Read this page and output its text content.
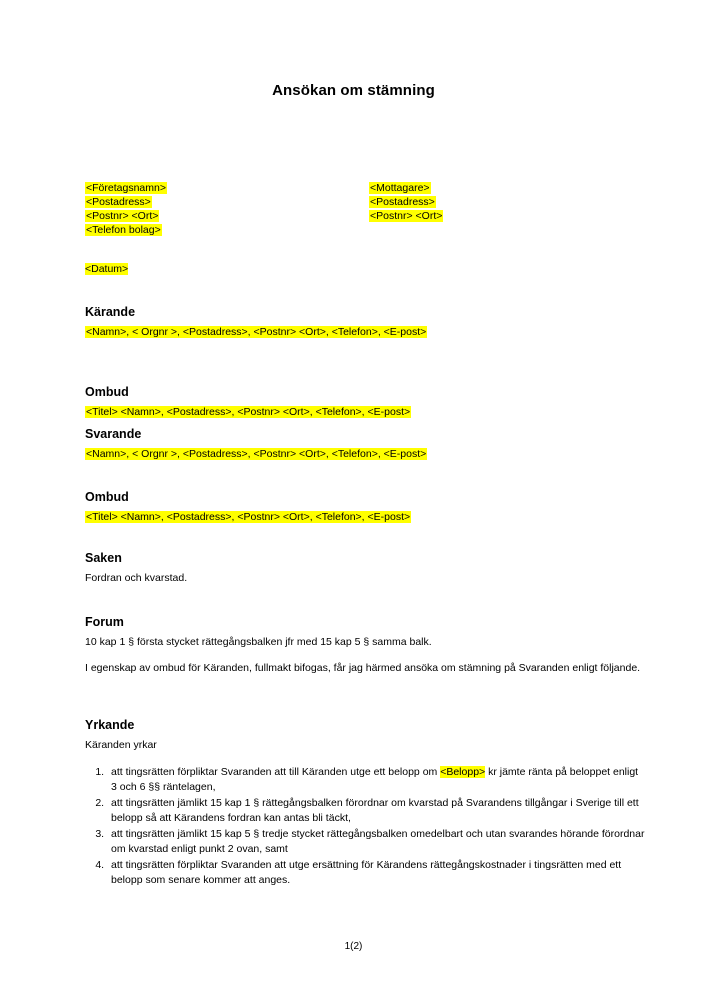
Ansökan om stämning
<Företagsnamn>
<Postadress>
<Postnr> <Ort>
<Telefon bolag>
<Mottagare>
<Postadress>
<Postnr> <Ort>
<Datum>
Kärande

<Namn>, < Orgnr >, <Postadress>, <Postnr> <Ort>, <Telefon>, <E-post>

Ombud

<Titel> <Namn>, <Postadress>, <Postnr> <Ort>, <Telefon>, <E-post>

Svarande

<Namn>, < Orgnr >, <Postadress>, <Postnr> <Ort>, <Telefon>, <E-post>

Ombud

<Titel> <Namn>, <Postadress>, <Postnr> <Ort>, <Telefon>, <E-post>

Saken

Fordran och kvarstad.

Forum

10 kap 1 § första stycket rättegångsbalken jfr med 15 kap 5 § samma balk.

I egenskap av ombud för Käranden, fullmakt bifogas, får jag härmed ansöka om stämning på Svaranden enligt följande.

Yrkande

Käranden yrkar

1. att tingsrätten förpliktar Svaranden att till Käranden utge ett belopp om <Belopp> kr jämte ränta på beloppet enligt 3 och 6 §§ räntelagen,
2. att tingsrätten jämlikt 15 kap 1 § rättegångsbalken förordnar om kvarstad på Svarandens tillgångar i Sverige till ett belopp så att Kärandens fordran kan antas bli täckt,
3. att tingsrätten jämlikt 15 kap 5 § tredje stycket rättegångsbalken omedelbart och utan svarandes hörande förordnar om kvarstad enligt punkt 2 ovan, samt
4. att tingsrätten förpliktar Svaranden att utge ersättning för Kärandens rättegångskostnader i tingsrätten med ett belopp som senare kommer att anges.
1(2)
